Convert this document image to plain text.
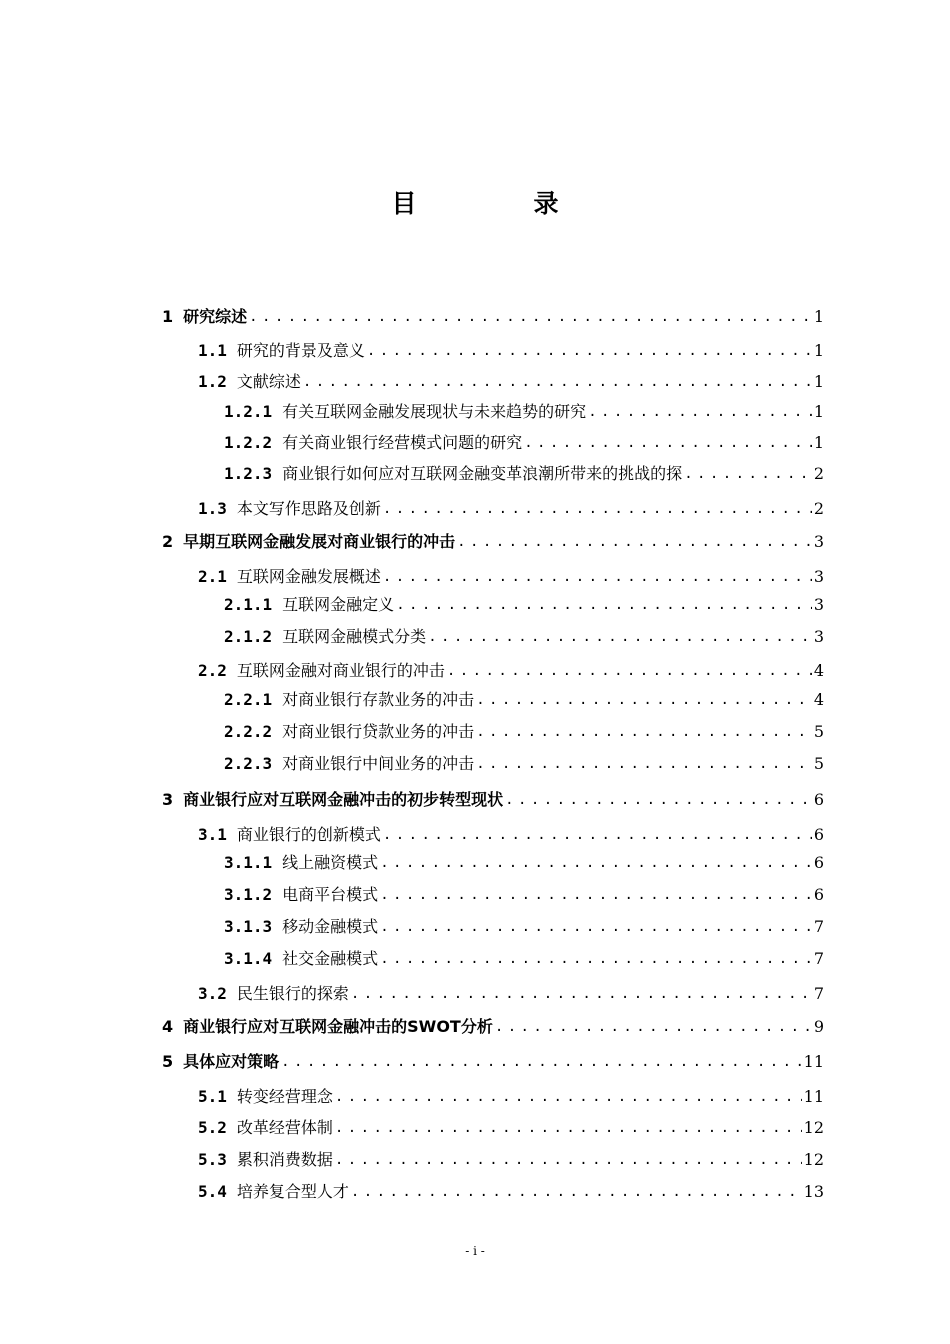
目　录
1 研究综述 . . .	1
1.1 研究的背景及意义 . . .	1
1.2 文献综述 . . .	1
1.2.1 有关互联网金融发展现状与未来趋势的研究 . . .	1
1.2.2 有关商业银行经营模式问题的研究 . . .	1
1.2.3 商业银行如何应对互联网金融变革浪潮所带来的挑战的探 . . .	2
1.3 本文写作思路及创新 . . .	2
2 早期互联网金融发展对商业银行的冲击 . . .	3
2.1 互联网金融发展概述 . . .	3
2.1.1 互联网金融定义 . . .	3
2.1.2 互联网金融模式分类 . . .	3
2.2 互联网金融对商业银行的冲击 . . .	4
2.2.1 对商业银行存款业务的冲击 . . .	4
2.2.2 对商业银行贷款业务的冲击 . . .	5
2.2.3 对商业银行中间业务的冲击 . . .	5
3 商业银行应对互联网金融冲击的初步转型现状 . . .	6
3.1 商业银行的创新模式 . . .	6
3.1.1 线上融资模式 . . .	6
3.1.2 电商平台模式 . . .	6
3.1.3 移动金融模式 . . .	7
3.1.4 社交金融模式 . . .	7
3.2 民生银行的探索 . . .	7
4 商业银行应对互联网金融冲击的SWOT分析 . . .	9
5 具体应对策略 . . .	11
5.1 转变经营理念 . . .	11
5.2 改革经营体制 . . .	12
5.3 累积消费数据 . . .	12
5.4 培养复合型人才 . . .	13
- i -
